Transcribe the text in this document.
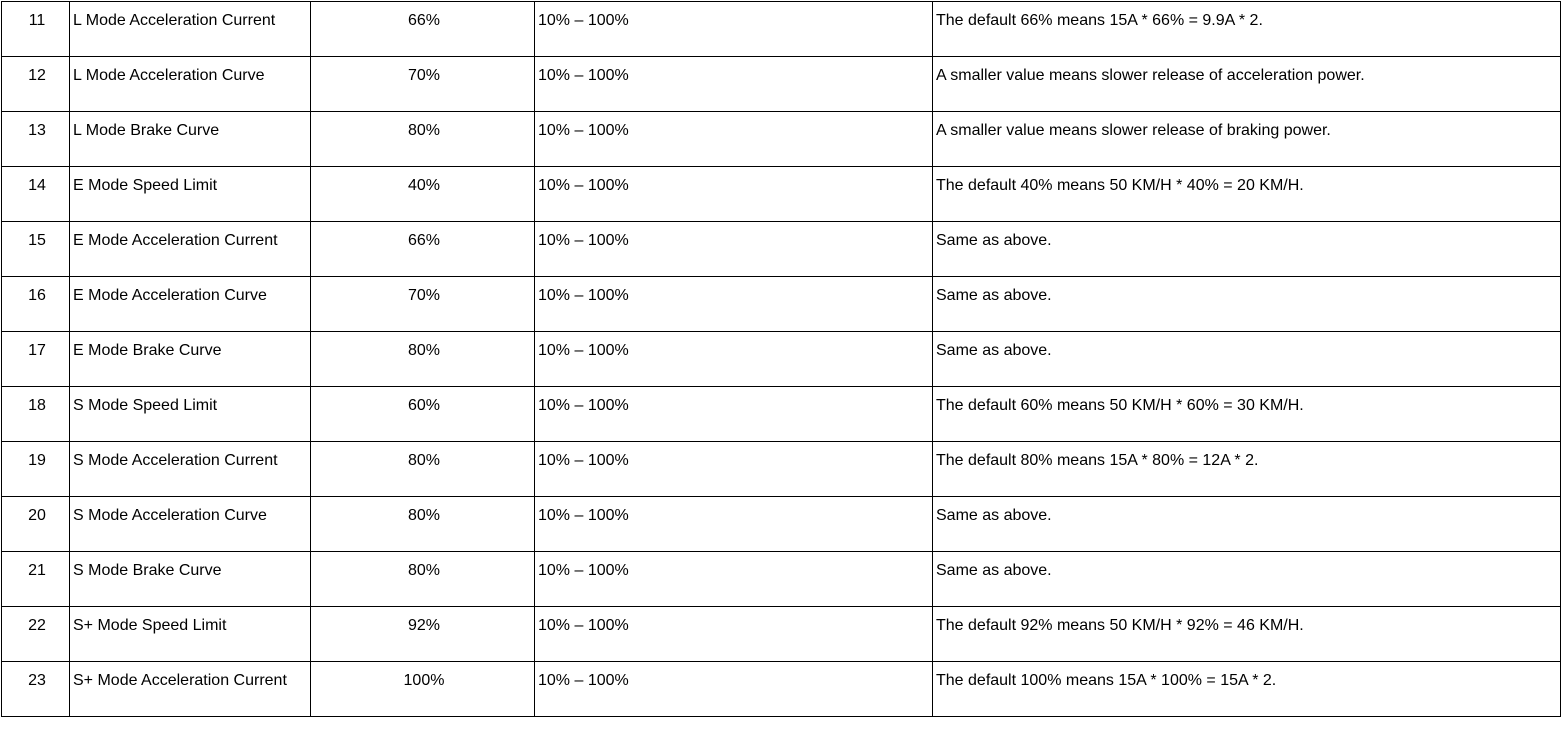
11	L Mode Acceleration Current	66%	10% – 100%	The default 66% means 15A * 66% = 9.9A * 2.

12	L Mode Acceleration Curve	70%	10% – 100%	A smaller value means slower release of acceleration power.

13	L Mode Brake Curve	80%	10% – 100%	A smaller value means slower release of braking power.

14	E Mode Speed Limit	40%	10% – 100%	The default 40% means 50 KM/H * 40% = 20 KM/H.

15	E Mode Acceleration Current	66%	10% – 100%	Same as above.

16	E Mode Acceleration Curve	70%	10% – 100%	Same as above.

17	E Mode Brake Curve	80%	10% – 100%	Same as above.

18	S Mode Speed Limit	60%	10% – 100%	The default 60% means 50 KM/H * 60% = 30 KM/H.

19	S Mode Acceleration Current	80%	10% – 100%	The default 80% means 15A * 80% = 12A * 2.

20	S Mode Acceleration Curve	80%	10% – 100%	Same as above.

21	S Mode Brake Curve	80%	10% – 100%	Same as above.

22	S+ Mode Speed Limit	92%	10% – 100%	The default 92% means 50 KM/H * 92% = 46 KM/H.

23	S+ Mode Acceleration Current	100%	10% – 100%	The default 100% means 15A * 100% = 15A * 2.
